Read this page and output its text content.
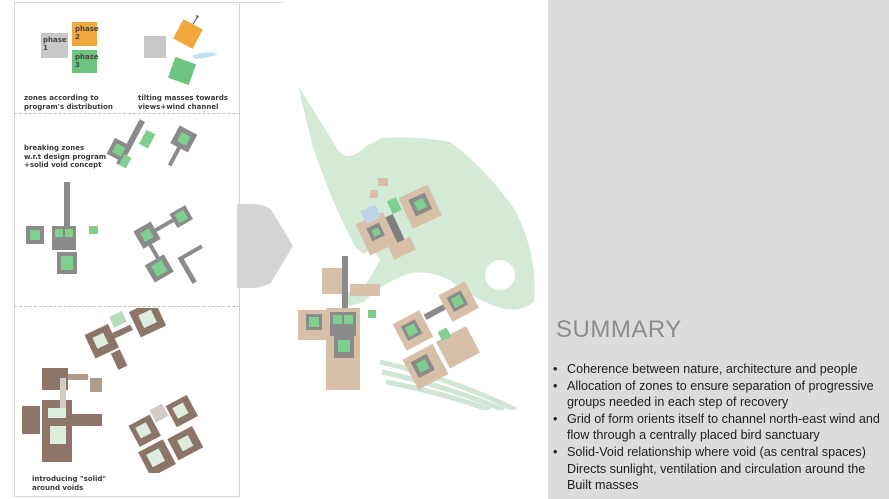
phase
1
phase
2
phase
3
zones according to
program's distribution
tilting masses towards
views+wind channel
breaking zones
w.r.t design program
+solid void concept
introducing "solid"
around voids
SUMMARY
• Coherence between nature, architecture and people
• Allocation of zones to ensure separation of progressive groups needed in each step of recovery
• Grid of form orients itself to channel north-east wind and flow through a centrally placed bird sanctuary
• Solid-Void relationship where void (as central spaces) Directs sunlight, ventilation and circulation around the Built masses
